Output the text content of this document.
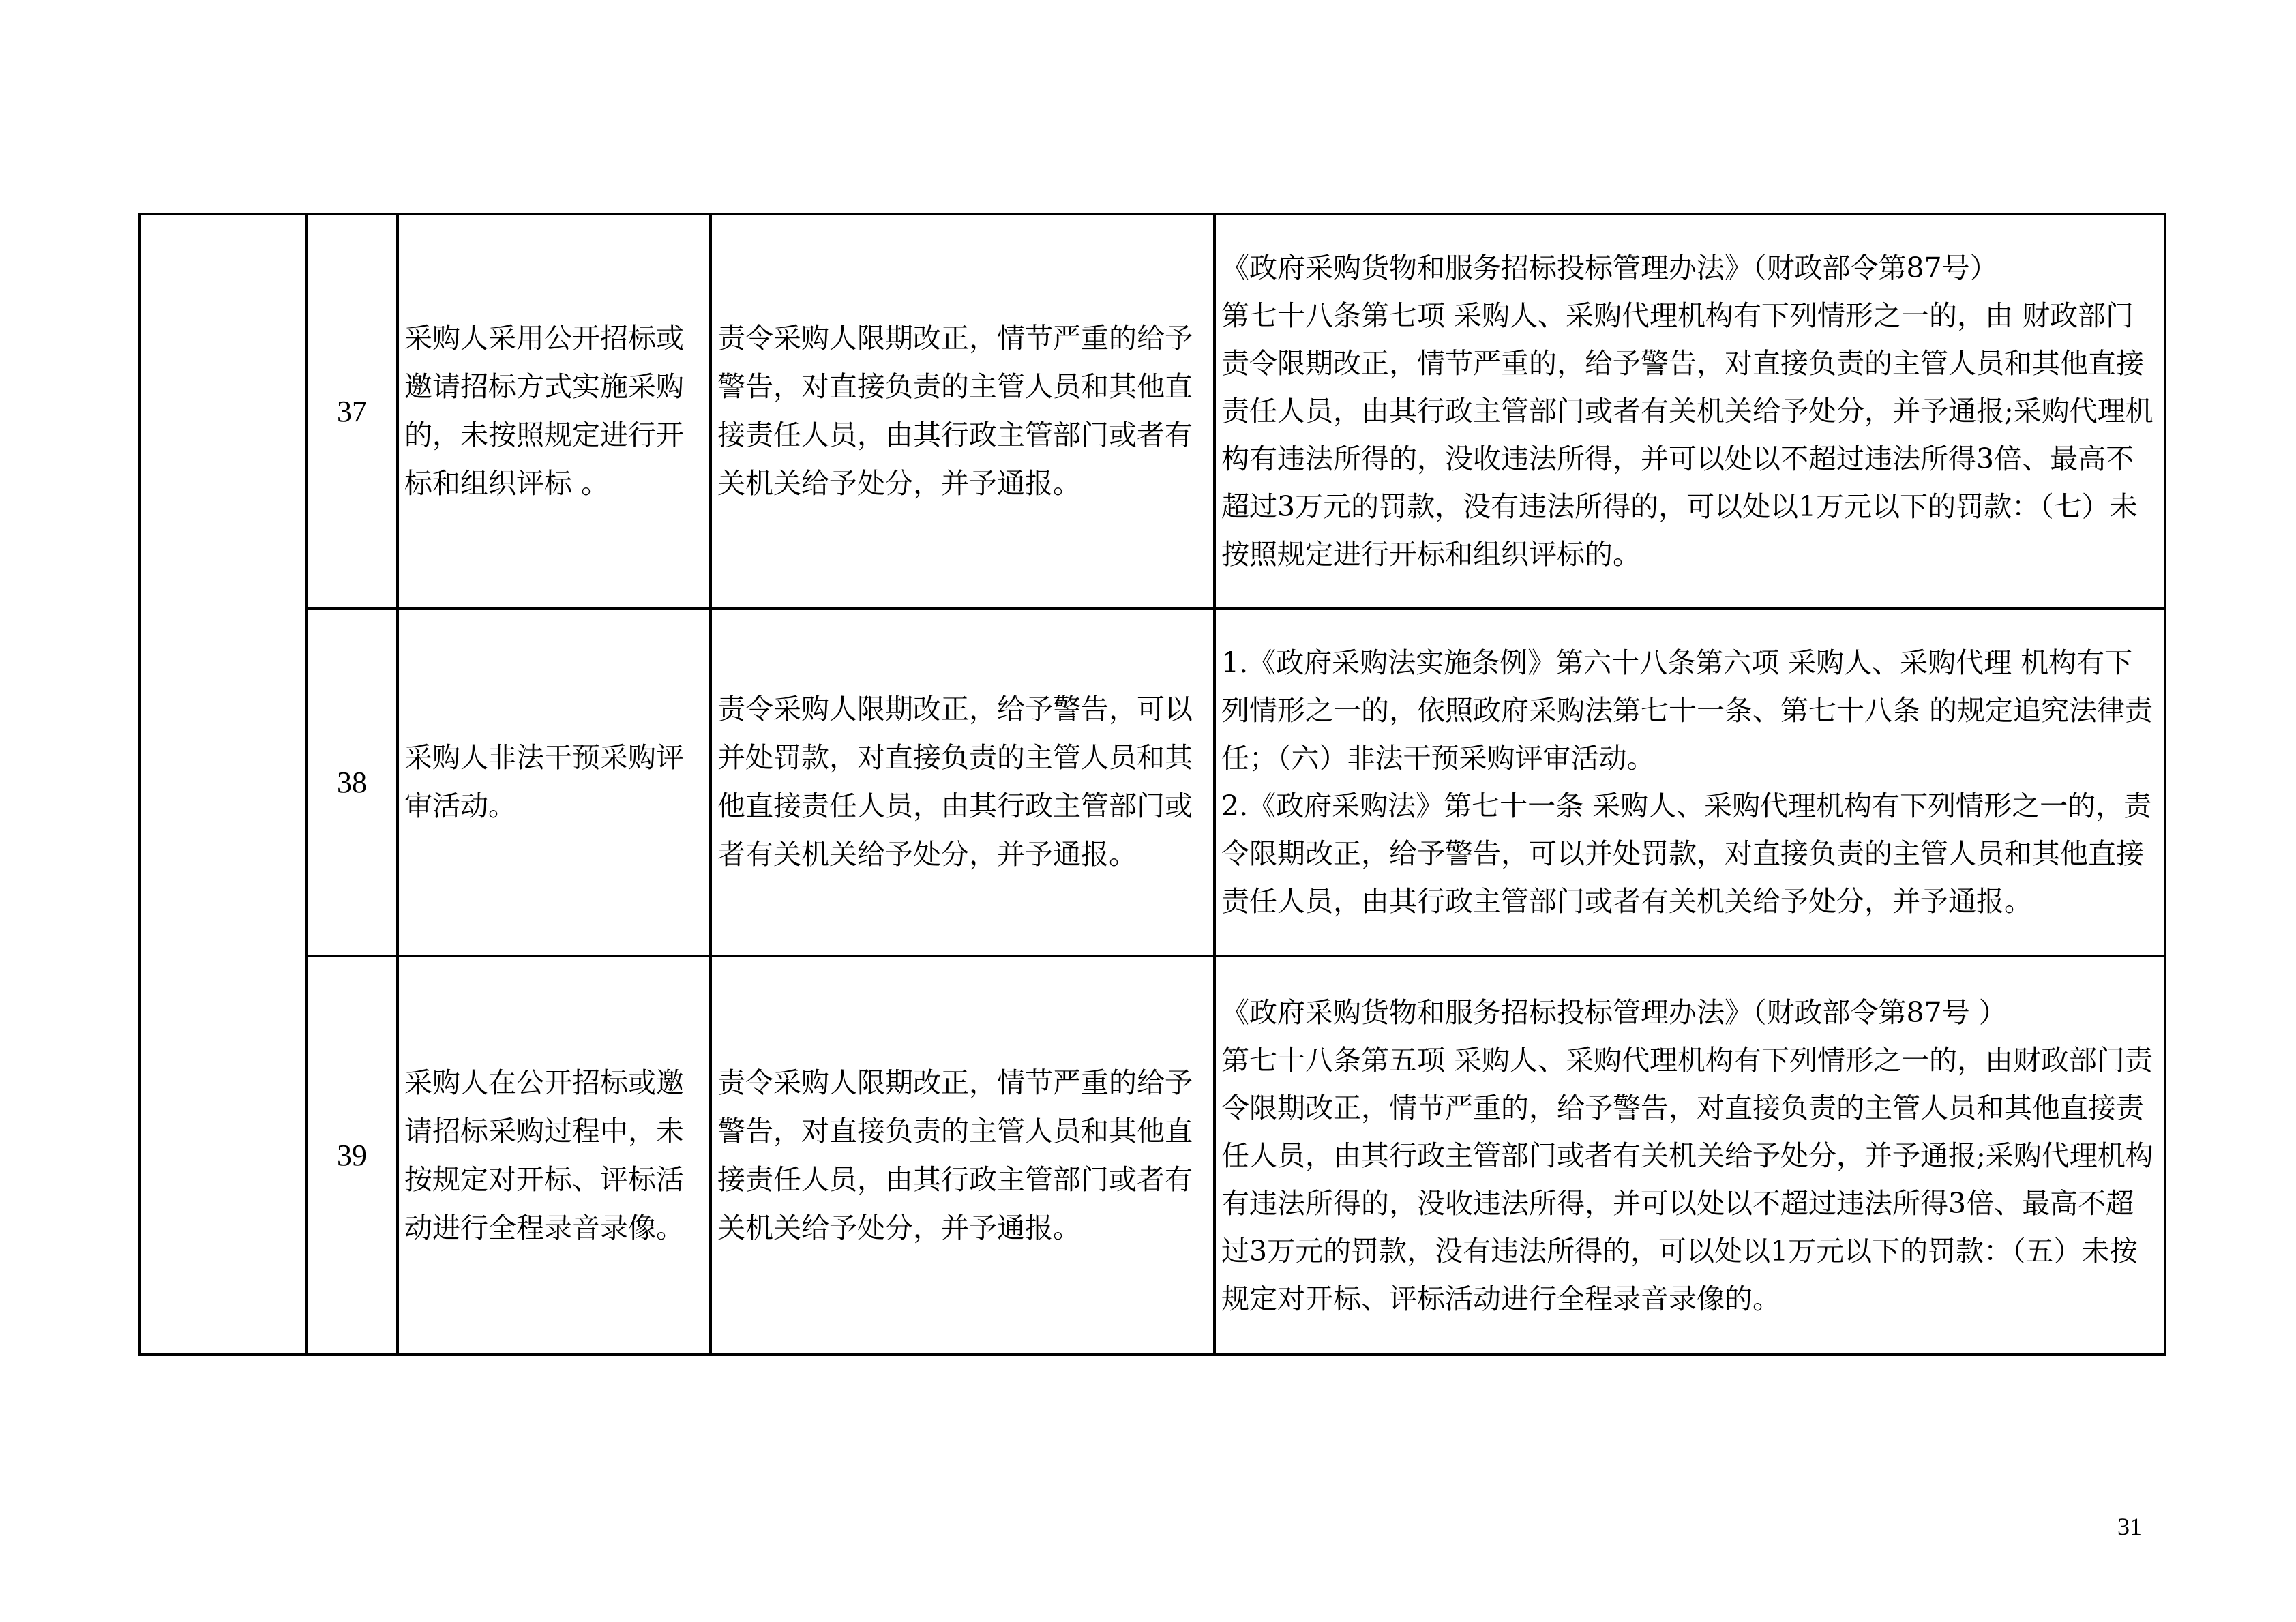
	37	采购人采用公开招标或邀请招标方式实施采购的，未按照规定进行开标和组织评标 。	责令采购人限期改正，情节严重的给予警告，对直接负责的主管人员和其他直接责任人员，由其行政主管部门或者有关机关给予处分，并予通报。	《政府采购货物和服务招标投标管理办法》（财政部令第87号）
第七十八条第七项 采购人、采购代理机构有下列情形之一的，由 财政部门责令限期改正，情节严重的，给予警告，对直接负责的主管人员和其他直接责任人员，由其行政主管部门或者有关机关给予处分，并予通报;采购代理机构有违法所得的，没收违法所得，并可以处以不超过违法所得3倍、最高不超过3万元的罚款，没有违法所得的，可以处以1万元以下的罚款：（七）未按照规定进行开标和组织评标的。

	38	采购人非法干预采购评审活动。	责令采购人限期改正，给予警告，可以并处罚款，对直接负责的主管人员和其他直接责任人员，由其行政主管部门或者有关机关给予处分，并予通报。	1.《政府采购法实施条例》第六十八条第六项 采购人、采购代理 机构有下列情形之一的，依照政府采购法第七十一条、第七十八条 的规定追究法律责任；（六）非法干预采购评审活动。
2.《政府采购法》第七十一条 采购人、采购代理机构有下列情形之一的，责令限期改正，给予警告，可以并处罚款，对直接负责的主管人员和其他直接责任人员，由其行政主管部门或者有关机关给予处分，并予通报。

	39	采购人在公开招标或邀请招标采购过程中，未按规定对开标、评标活动进行全程录音录像。	责令采购人限期改正，情节严重的给予警告，对直接负责的主管人员和其他直接责任人员，由其行政主管部门或者有关机关给予处分，并予通报。	《政府采购货物和服务招标投标管理办法》（财政部令第87号 ）
第七十八条第五项 采购人、采购代理机构有下列情形之一的，由财政部门责令限期改正，情节严重的，给予警告，对直接负责的主管人员和其他直接责任人员，由其行政主管部门或者有关机关给予处分，并予通报;采购代理机构有违法所得的，没收违法所得，并可以处以不超过违法所得3倍、最高不超过3万元的罚款，没有违法所得的，可以处以1万元以下的罚款：（五）未按规定对开标、评标活动进行全程录音录像的。
31
